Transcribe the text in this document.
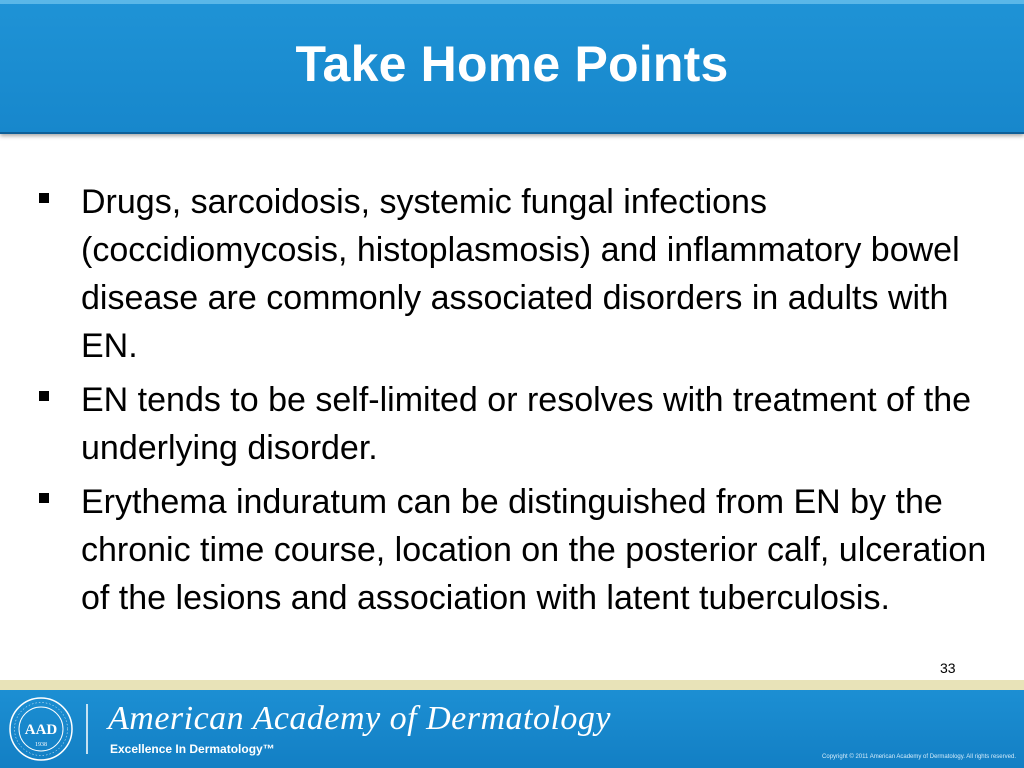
Take Home Points
Drugs, sarcoidosis, systemic fungal infections (coccidiomycosis, histoplasmosis) and inflammatory bowel disease are commonly associated disorders in adults with EN.
EN tends to be self-limited or resolves with treatment of the underlying disorder.
Erythema induratum can be distinguished from EN by the chronic time course, location on the posterior calf, ulceration of the lesions and association with latent tuberculosis.
33
AAD
1938
American Academy of Dermatology
Excellence In Dermatology™
Copyright © 2011 American Academy of Dermatology. All rights reserved.
